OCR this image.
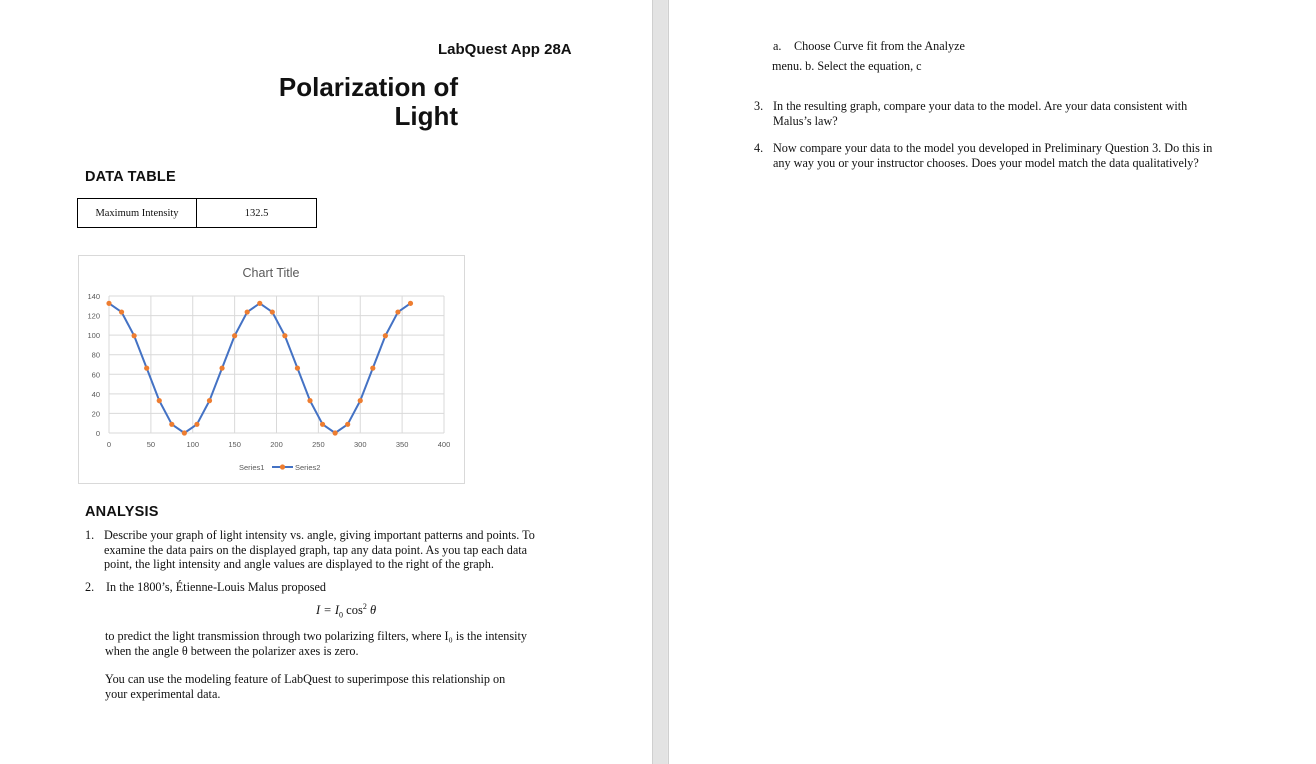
LabQuest App 28A
Polarization of
Light
DATA TABLE
Maximum Intensity	132.5
Chart Title
0
20
40
60
80
100
120
140
0	50	100	150	200	250	300	350	400
Series1	Series2
ANALYSIS
1. Describe your graph of light intensity vs. angle, giving important patterns and points. To
examine the data pairs on the displayed graph, tap any data point. As you tap each data
point, the light intensity and angle values are displayed to the right of the graph.
2. In the 1800’s, Étienne-Louis Malus proposed
$I = I_0$ $\cos^2 \theta$
to predict the light transmission through two polarizing filters, where I₀ is the intensity
when the angle θ between the polarizer axes is zero.
You can use the modeling feature of LabQuest to superimpose this relationship on
your experimental data.
a. Choose Curve fit from the Analyze
menu. b. Select the equation, c
3. In the resulting graph, compare your data to the model. Are your data consistent with
Malus’s law?
4. Now compare your data to the model you developed in Preliminary Question 3. Do this in
any way you or your instructor chooses. Does your model match the data qualitatively?
